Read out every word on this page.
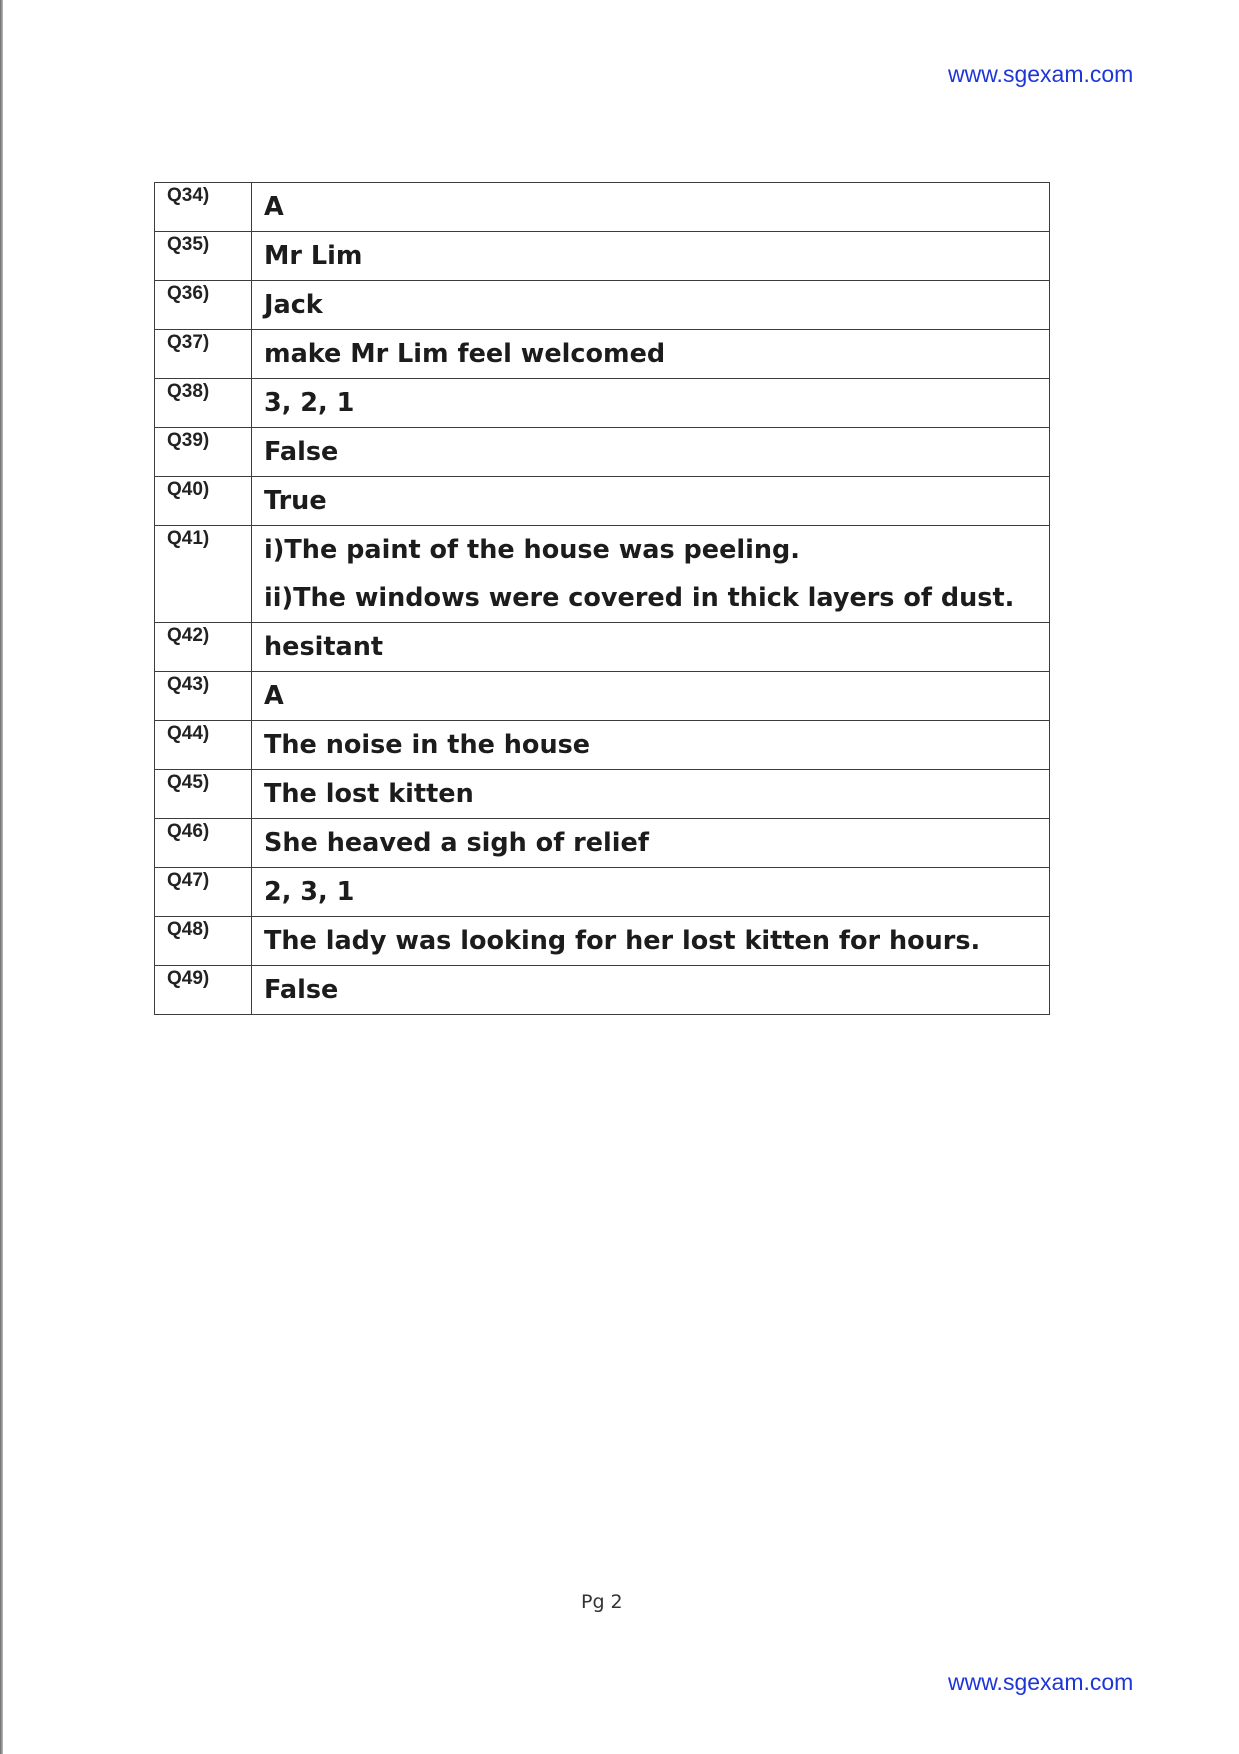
www.sgexam.com
Q34)	A

Q35)	Mr Lim

Q36)	Jack

Q37)	make Mr Lim feel welcomed

Q38)	3, 2, 1

Q39)	False

Q40)	True

Q41)	i)The paint of the house was peeling.
ii)The windows were covered in thick layers of dust.

Q42)	hesitant

Q43)	A

Q44)	The noise in the house

Q45)	The lost kitten

Q46)	She heaved a sigh of relief

Q47)	2, 3, 1

Q48)	The lady was looking for her lost kitten for hours.

Q49)	False
Pg 2
www.sgexam.com
